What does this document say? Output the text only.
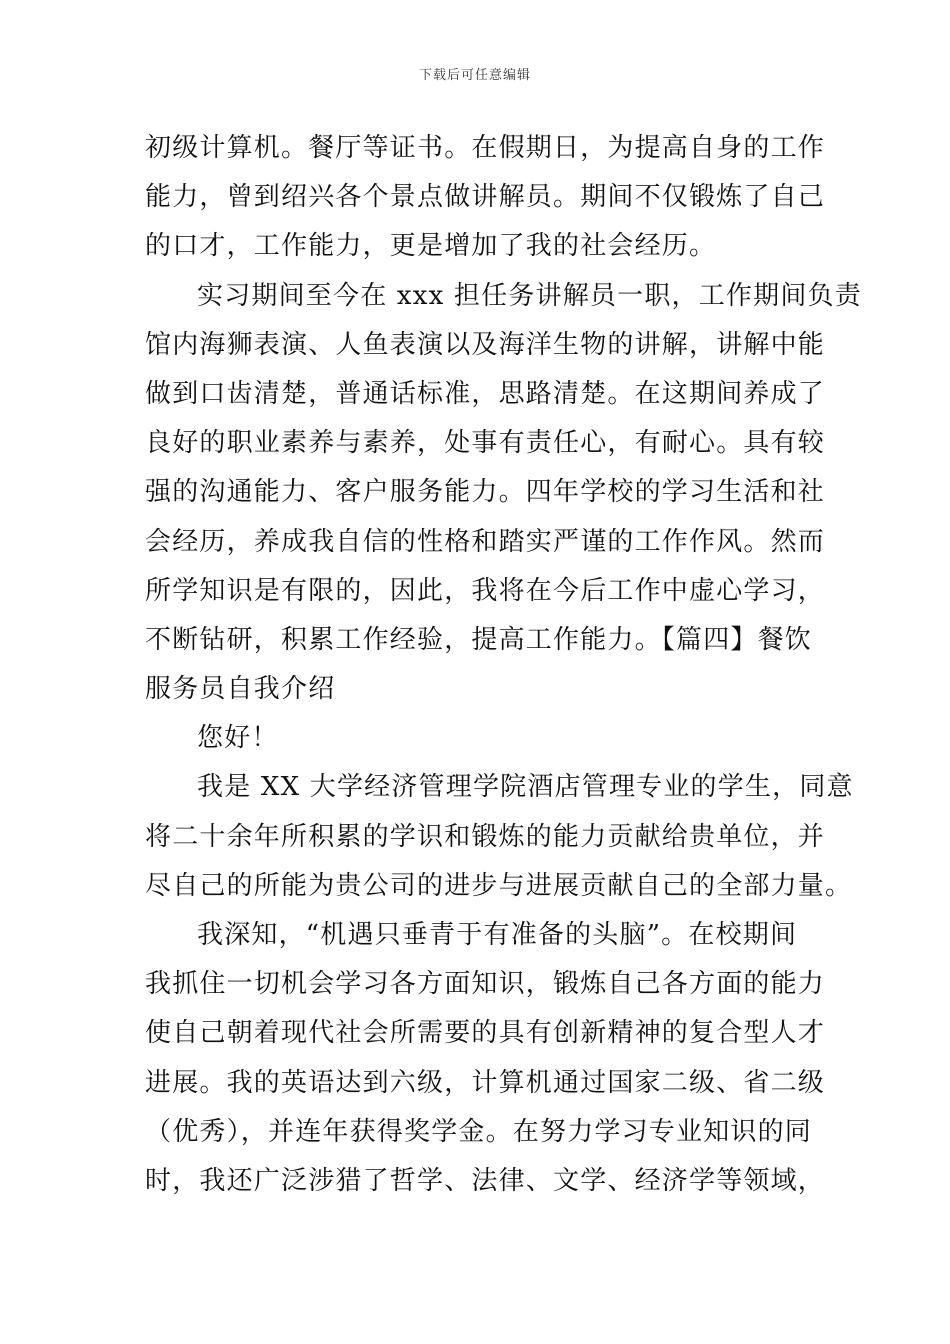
下载后可任意编辑
初级计算机。餐厅等证书。在假期日，为提高自身的工作
能力，曾到绍兴各个景点做讲解员。期间不仅锻炼了自己
的口才，工作能力，更是增加了我的社会经历。
实习期间至今在 xxx 担任务讲解员一职，工作期间负责
馆内海狮表演、人鱼表演以及海洋生物的讲解，讲解中能
做到口齿清楚，普通话标准，思路清楚。在这期间养成了
良好的职业素养与素养，处事有责任心，有耐心。具有较
强的沟通能力、客户服务能力。四年学校的学习生活和社
会经历，养成我自信的性格和踏实严谨的工作作风。然而
所学知识是有限的，因此，我将在今后工作中虚心学习，
不断钻研，积累工作经验，提高工作能力。【篇四】餐饮
服务员自我介绍
您好！
我是 XX 大学经济管理学院酒店管理专业的学生，同意
将二十余年所积累的学识和锻炼的能力贡献给贵单位，并
尽自己的所能为贵公司的进步与进展贡献自己的全部力量。
我深知，“机遇只垂青于有准备的头脑”。在校期间
我抓住一切机会学习各方面知识，锻炼自己各方面的能力
使自己朝着现代社会所需要的具有创新精神的复合型人才
进展。我的英语达到六级，计算机通过国家二级、省二级
（优秀），并连年获得奖学金。在努力学习专业知识的同
时，我还广泛涉猎了哲学、法律、文学、经济学等领域，
